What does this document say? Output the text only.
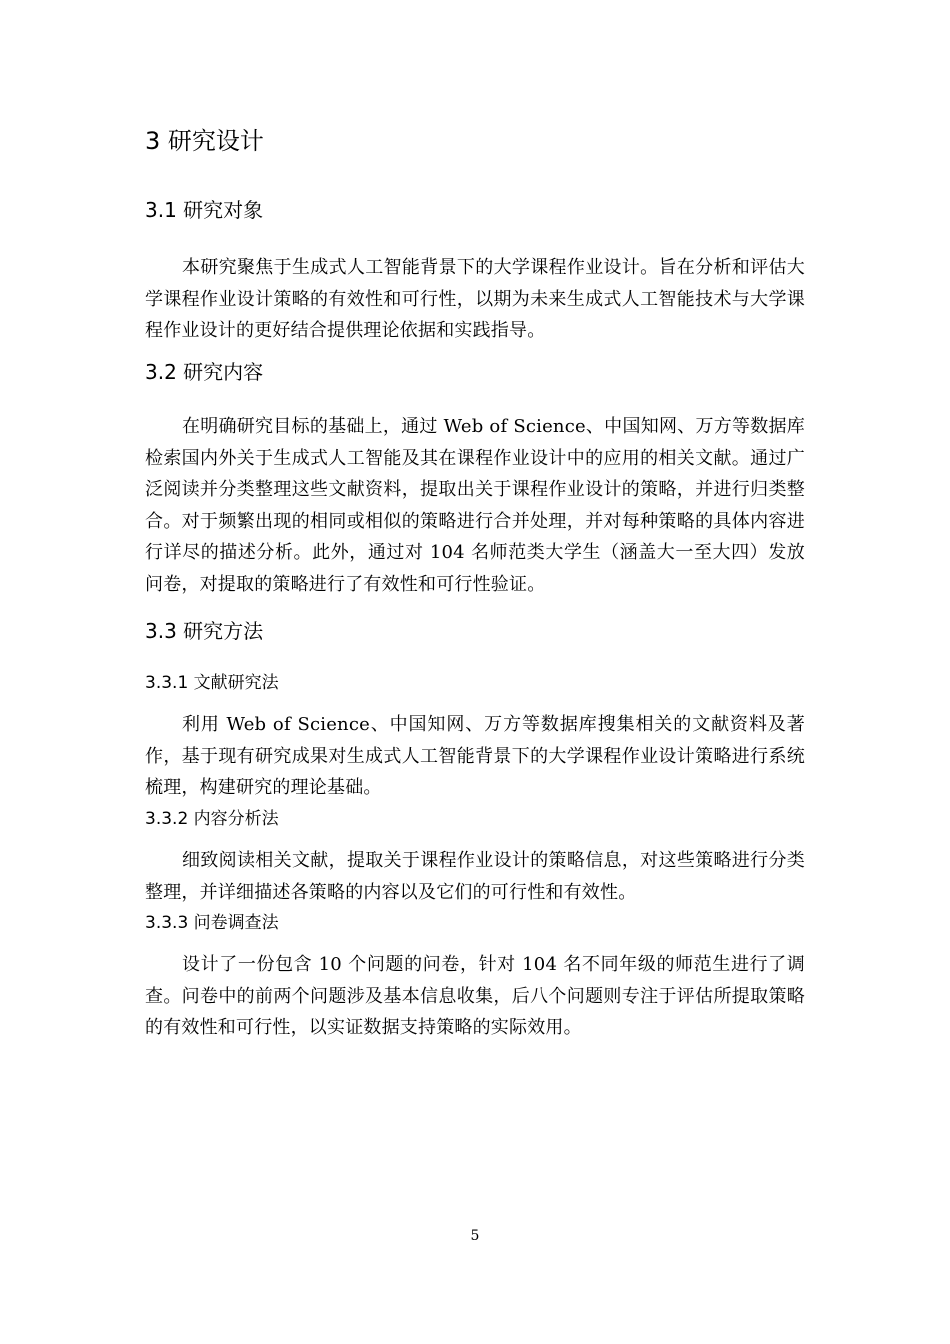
3 研究设计
3.1 研究对象

本研究聚焦于生成式人工智能背景下的大学课程作业设计。旨在分析和评估大学课程作业设计策略的有效性和可行性，以期为未来生成式人工智能技术与大学课程作业设计的更好结合提供理论依据和实践指导。

3.2 研究内容

在明确研究目标的基础上，通过 Web of Science、中国知网、万方等数据库检索国内外关于生成式人工智能及其在课程作业设计中的应用的相关文献。通过广泛阅读并分类整理这些文献资料，提取出关于课程作业设计的策略，并进行归类整合。对于频繁出现的相同或相似的策略进行合并处理，并对每种策略的具体内容进行详尽的描述分析。此外，通过对 104 名师范类大学生（涵盖大一至大四）发放问卷，对提取的策略进行了有效性和可行性验证。

3.3 研究方法
3.3.1 文献研究法

利用 Web of Science、中国知网、万方等数据库搜集相关的文献资料及著作，基于现有研究成果对生成式人工智能背景下的大学课程作业设计策略进行系统梳理，构建研究的理论基础。

3.3.2 内容分析法

细致阅读相关文献，提取关于课程作业设计的策略信息，对这些策略进行分类整理，并详细描述各策略的内容以及它们的可行性和有效性。

3.3.3 问卷调查法

设计了一份包含 10 个问题的问卷，针对 104 名不同年级的师范生进行了调查。问卷中的前两个问题涉及基本信息收集，后八个问题则专注于评估所提取策略的有效性和可行性，以实证数据支持策略的实际效用。

5
